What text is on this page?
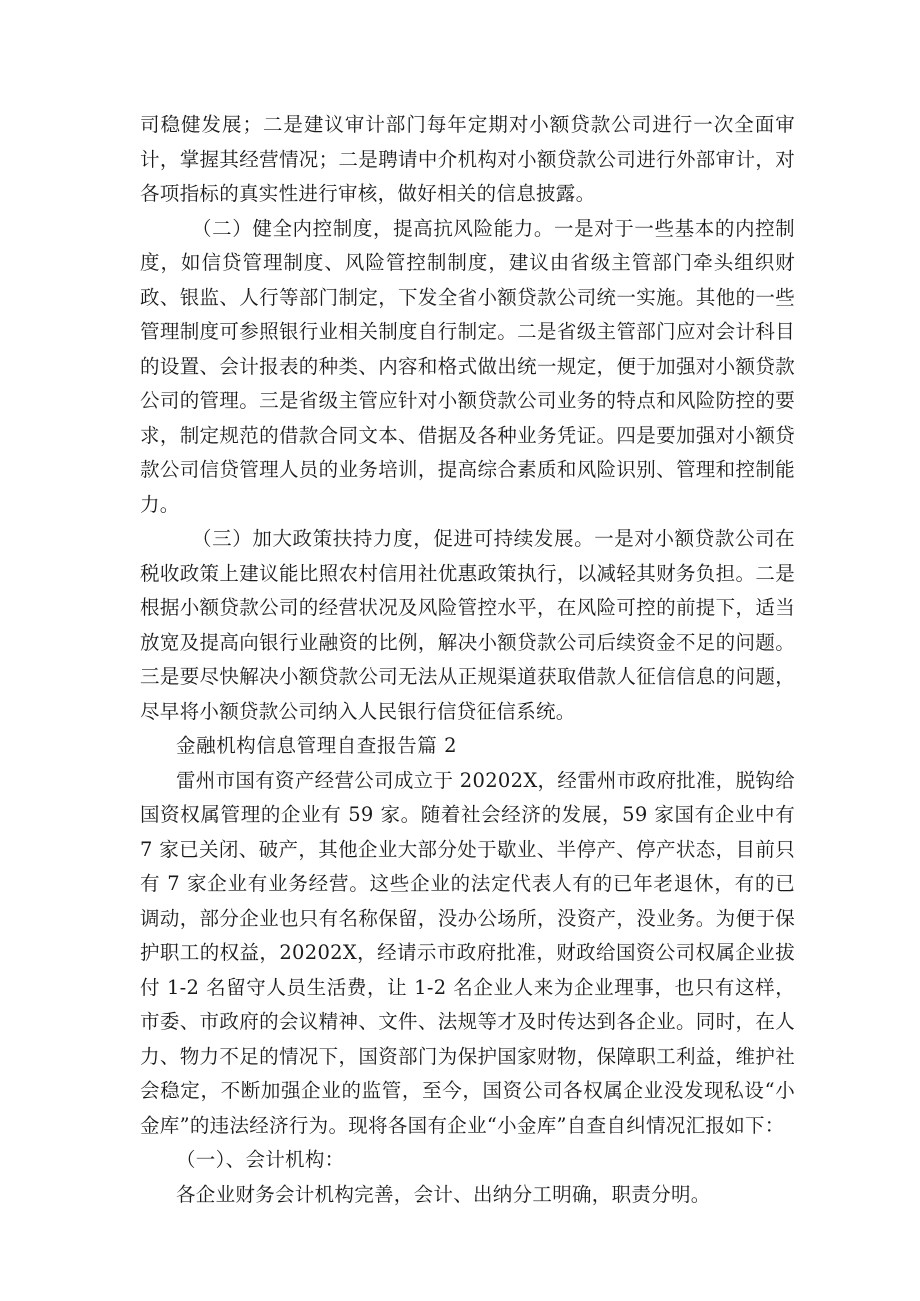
司稳健发展；二是建议审计部门每年定期对小额贷款公司进行一次全面审计，掌握其经营情况；二是聘请中介机构对小额贷款公司进行外部审计，对各项指标的真实性进行审核，做好相关的信息披露。

（二）健全内控制度，提高抗风险能力。一是对于一些基本的内控制度，如信贷管理制度、风险管控制制度，建议由省级主管部门牵头组织财政、银监、人行等部门制定，下发全省小额贷款公司统一实施。其他的一些管理制度可参照银行业相关制度自行制定。二是省级主管部门应对会计科目的设置、会计报表的种类、内容和格式做出统一规定，便于加强对小额贷款公司的管理。三是省级主管应针对小额贷款公司业务的特点和风险防控的要求，制定规范的借款合同文本、借据及各种业务凭证。四是要加强对小额贷款公司信贷管理人员的业务培训，提高综合素质和风险识别、管理和控制能力。

（三）加大政策扶持力度，促进可持续发展。一是对小额贷款公司在税收政策上建议能比照农村信用社优惠政策执行，以减轻其财务负担。二是根据小额贷款公司的经营状况及风险管控水平，在风险可控的前提下，适当放宽及提高向银行业融资的比例，解决小额贷款公司后续资金不足的问题。三是要尽快解决小额贷款公司无法从正规渠道获取借款人征信信息的问题，尽早将小额贷款公司纳入人民银行信贷征信系统。

金融机构信息管理自查报告篇 2

雷州市国有资产经营公司成立于 20202X，经雷州市政府批准，脱钩给国资权属管理的企业有 59 家。随着社会经济的发展，59 家国有企业中有 7 家已关闭、破产，其他企业大部分处于歇业、半停产、停产状态，目前只有 7 家企业有业务经营。这些企业的法定代表人有的已年老退休，有的已调动，部分企业也只有名称保留，没办公场所，没资产，没业务。为便于保护职工的权益，20202X，经请示市政府批准，财政给国资公司权属企业拔付 1-2 名留守人员生活费，让 1-2 名企业人来为企业理事，也只有这样，市委、市政府的会议精神、文件、法规等才及时传达到各企业。同时，在人力、物力不足的情况下，国资部门为保护国家财物，保障职工利益，维护社会稳定，不断加强企业的监管，至今，国资公司各权属企业没发现私设“小金库”的违法经济行为。现将各国有企业“小金库”自查自纠情况汇报如下：

（一）、会计机构：

各企业财务会计机构完善，会计、出纳分工明确，职责分明。
